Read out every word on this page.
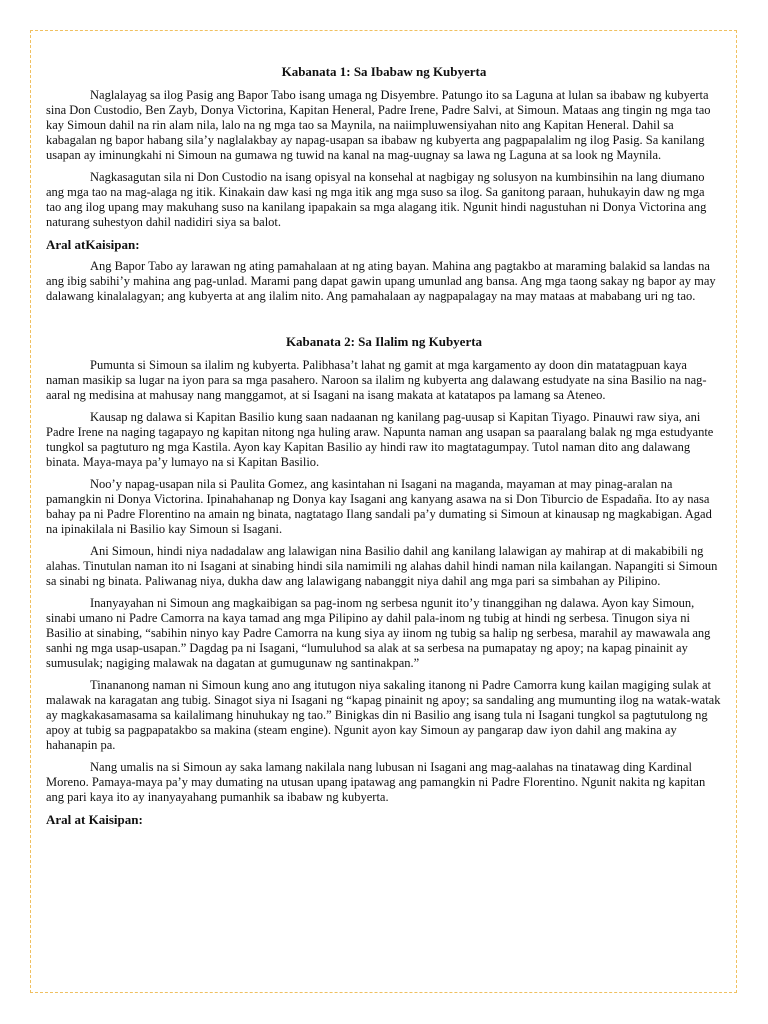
Kabanata 1: Sa Ibabaw ng Kubyerta

Naglalayag sa ilog Pasig ang Bapor Tabo isang umaga ng Disyembre. Patungo ito sa Laguna at lulan sa ibabaw ng kubyerta sina Don Custodio, Ben Zayb, Donya Victorina, Kapitan Heneral, Padre Irene, Padre Salvi, at Simoun. Mataas ang tingin ng mga tao kay Simoun dahil na rin alam nila, lalo na ng mga tao sa Maynila, na naiimpluwensiyahan nito ang Kapitan Heneral. Dahil sa kabagalan ng bapor habang sila’y naglalakbay ay napag-usapan sa ibabaw ng kubyerta ang pagpapalalim ng ilog Pasig. Sa kanilang usapan ay iminungkahi ni Simoun na gumawa ng tuwid na kanal na mag-uugnay sa lawa ng Laguna at sa look ng Maynila.

Nagkasagutan sila ni Don Custodio na isang opisyal na konsehal at nagbigay ng solusyon na kumbinsihin na lang diumano ang mga tao na mag-alaga ng itik. Kinakain daw kasi ng mga itik ang mga suso sa ilog. Sa ganitong paraan, huhukayin daw ng mga tao ang ilog upang may makuhang suso na kanilang ipapakain sa mga alagang itik. Ngunit hindi nagustuhan ni Donya Victorina ang naturang suhestyon dahil nadidiri siya sa balot.

Aral atKaisipan:

Ang Bapor Tabo ay larawan ng ating pamahalaan at ng ating bayan. Mahina ang pagtakbo at maraming balakid sa landas na ang ibig sabihi’y mahina ang pag-unlad. Marami pang dapat gawin upang umunlad ang bansa. Ang mga taong sakay ng bapor ay may dalawang kinalalagyan; ang kubyerta at ang ilalim nito. Ang pamahalaan ay nagpapalagay na may mataas at mababang uri ng tao.

Kabanata 2: Sa Ilalim ng Kubyerta

Pumunta si Simoun sa ilalim ng kubyerta. Palibhasa’t lahat ng gamit at mga kargamento ay doon din matatagpuan kaya naman masikip sa lugar na iyon para sa mga pasahero. Naroon sa ilalim ng kubyerta ang dalawang estudyate na sina Basilio na nag-aaral ng medisina at mahusay nang manggamot, at si Isagani na isang makata at katatapos pa lamang sa Ateneo.

Kausap ng dalawa si Kapitan Basilio kung saan nadaanan ng kanilang pag-uusap si Kapitan Tiyago. Pinauwi raw siya, ani Padre Irene na naging tagapayo ng kapitan nitong nga huling araw. Napunta naman ang usapan sa paaralang balak ng mga estudyante tungkol sa pagtuturo ng mga Kastila. Ayon kay Kapitan Basilio ay hindi raw ito magtatagumpay. Tutol naman dito ang dalawang binata. Maya-maya pa’y lumayo na si Kapitan Basilio.

Noo’y napag-usapan nila si Paulita Gomez, ang kasintahan ni Isagani na maganda, mayaman at may pinag-aralan na pamangkin ni Donya Victorina. Ipinahahanap ng Donya kay Isagani ang kanyang asawa na si Don Tiburcio de Espadaña. Ito ay nasa bahay pa ni Padre Florentino na amain ng binata, nagtatago Ilang sandali pa’y dumating si Simoun at kinausap ng magkabigan. Agad na ipinakilala ni Basilio kay Simoun si Isagani.

Ani Simoun, hindi niya nadadalaw ang lalawigan nina Basilio dahil ang kanilang lalawigan ay mahirap at di makabibili ng alahas. Tinutulan naman ito ni Isagani at sinabing hindi sila namimili ng alahas dahil hindi naman nila kailangan. Napangiti si Simoun sa sinabi ng binata. Paliwanag niya, dukha daw ang lalawigang nabanggit niya dahil ang mga pari sa simbahan ay Pilipino.

Inanyayahan ni Simoun ang magkaibigan sa pag-inom ng serbesa ngunit ito’y tinanggihan ng dalawa. Ayon kay Simoun, sinabi umano ni Padre Camorra na kaya tamad ang mga Pilipino ay dahil pala-inom ng tubig at hindi ng serbesa. Tinugon siya ni Basilio at sinabing, “sabihin ninyo kay Padre Camorra na kung siya ay iinom ng tubig sa halip ng serbesa, marahil ay mawawala ang sanhi ng mga usap-usapan.” Dagdag pa ni Isagani, “lumuluhod sa alak at sa serbesa na pumapatay ng apoy; na kapag pinainit ay sumusulak; nagiging malawak na dagatan at gumugunaw ng santinakpan.”

Tinananong naman ni Simoun kung ano ang itutugon niya sakaling itanong ni Padre Camorra kung kailan magiging sulak at malawak na karagatan ang tubig. Sinagot siya ni Isagani ng “kapag pinainit ng apoy; sa sandaling ang mumunting ilog na watak-watak ay magkakasamasama sa kailalimang hinuhukay ng tao.” Binigkas din ni Basilio ang isang tula ni Isagani tungkol sa pagtutulong ng apoy at tubig sa pagpapatakbo sa makina (steam engine). Ngunit ayon kay Simoun ay pangarap daw iyon dahil ang makina ay hahanapin pa.

Nang umalis na si Simoun ay saka lamang nakilala nang lubusan ni Isagani ang mag-aalahas na tinatawag ding Kardinal Moreno. Pamaya-maya pa’y may dumating na utusan upang ipatawag ang pamangkin ni Padre Florentino. Ngunit nakita ng kapitan ang pari kaya ito ay inanyayahang pumanhik sa ibabaw ng kubyerta.

Aral at Kaisipan:
